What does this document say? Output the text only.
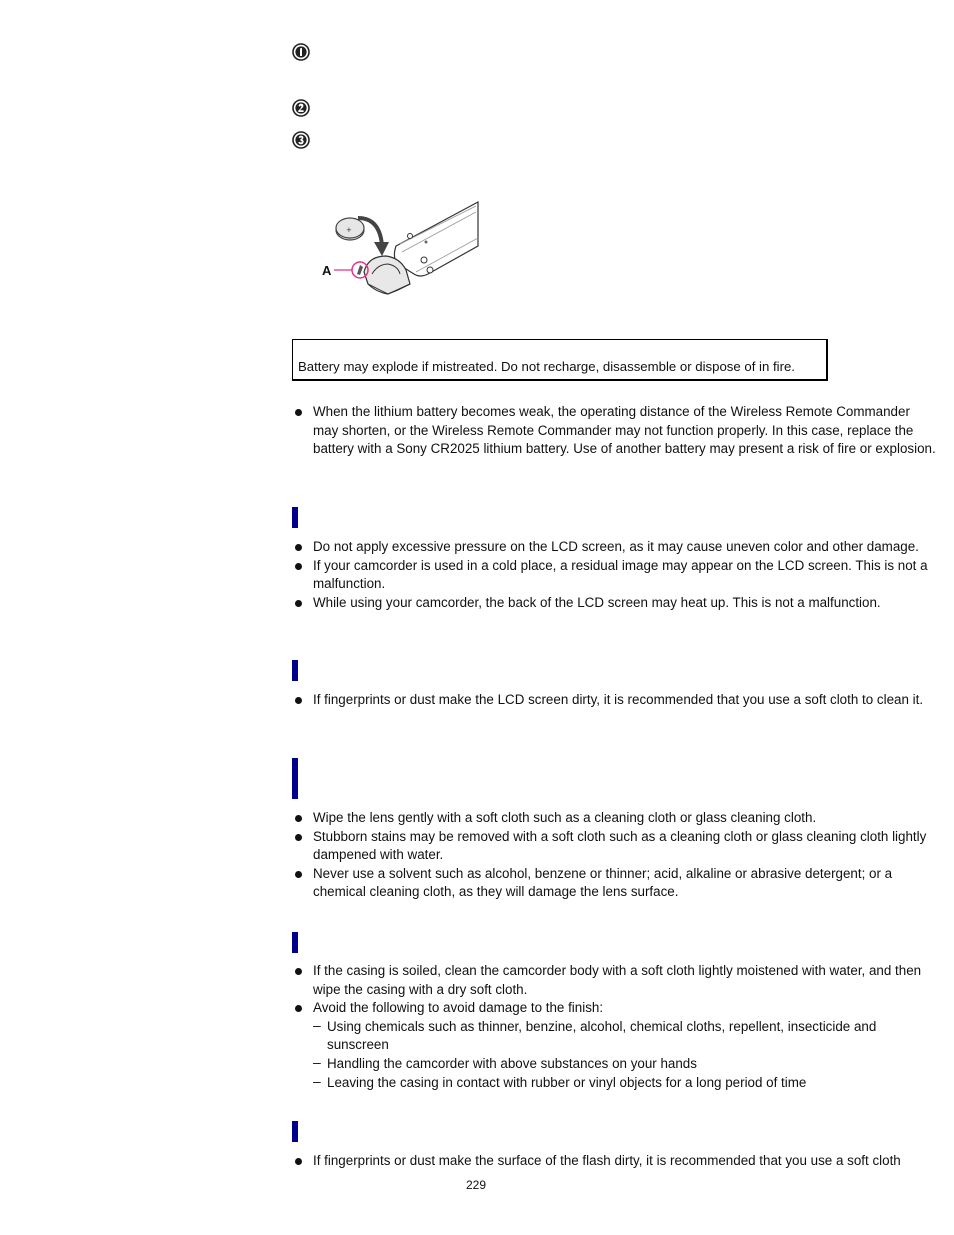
+
A
Battery may explode if mistreated. Do not recharge, disassemble or dispose of in fire.
When the lithium battery becomes weak, the operating distance of the Wireless Remote Commander may shorten, or the Wireless Remote Commander may not function properly. In this case, replace the battery with a Sony CR2025 lithium battery. Use of another battery may present a risk of fire or explosion.
Do not apply excessive pressure on the LCD screen, as it may cause uneven color and other damage.
If your camcorder is used in a cold place, a residual image may appear on the LCD screen. This is not a malfunction.
While using your camcorder, the back of the LCD screen may heat up. This is not a malfunction.
If fingerprints or dust make the LCD screen dirty, it is recommended that you use a soft cloth to clean it.
Wipe the lens gently with a soft cloth such as a cleaning cloth or glass cleaning cloth.
Stubborn stains may be removed with a soft cloth such as a cleaning cloth or glass cleaning cloth lightly dampened with water.
Never use a solvent such as alcohol, benzene or thinner; acid, alkaline or abrasive detergent; or a chemical cleaning cloth, as they will damage the lens surface.
If the casing is soiled, clean the camcorder body with a soft cloth lightly moistened with water, and then wipe the casing with a dry soft cloth.
Avoid the following to avoid damage to the finish:
– Using chemicals such as thinner, benzine, alcohol, chemical cloths, repellent, insecticide and sunscreen
– Handling the camcorder with above substances on your hands
– Leaving the casing in contact with rubber or vinyl objects for a long period of time
If fingerprints or dust make the surface of the flash dirty, it is recommended that you use a soft cloth
229
